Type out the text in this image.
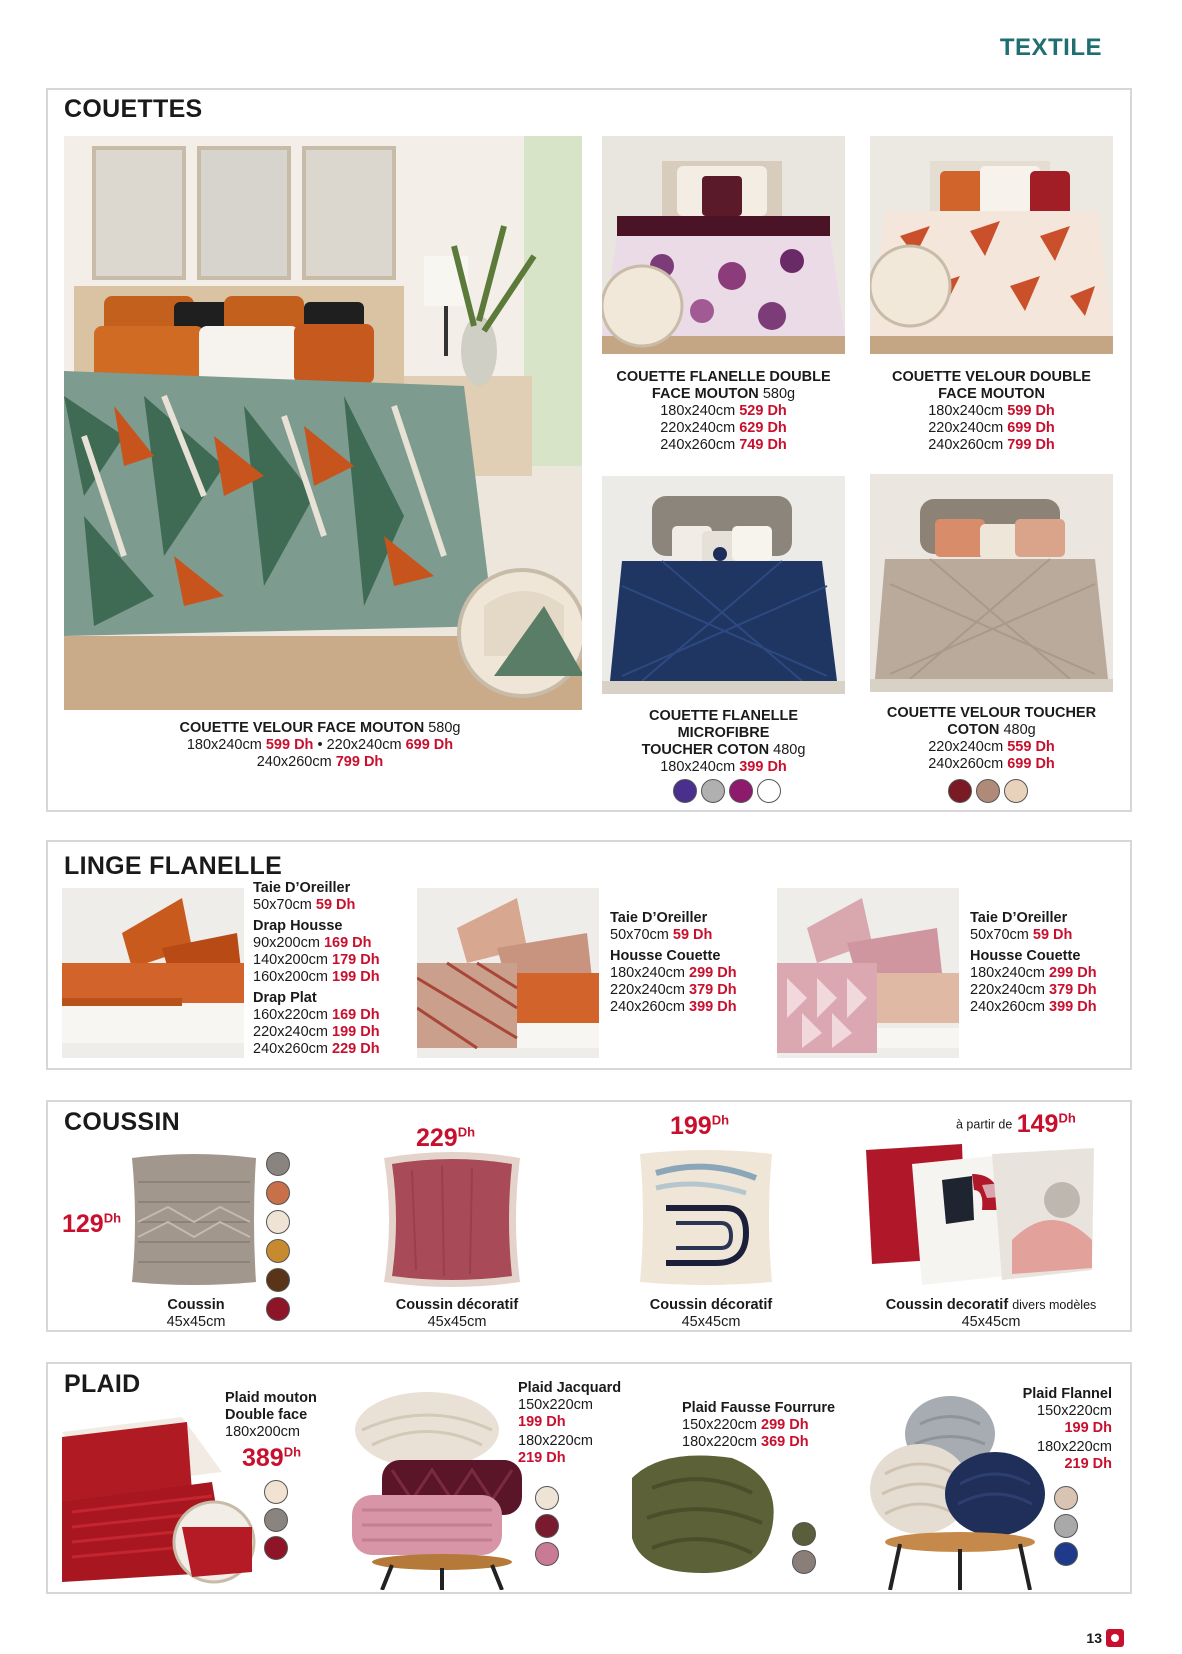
TEXTILE
COUETTES
COUETTE VELOUR FACE MOUTON 580g
180x240cm 599 Dh • 220x240cm 699 Dh
240x260cm 799 Dh
COUETTE FLANELLE DOUBLE
FACE MOUTON 580g
180x240cm 529 Dh
220x240cm 629 Dh
240x260cm 749 Dh
COUETTE VELOUR DOUBLE
FACE MOUTON
180x240cm 599 Dh
220x240cm 699 Dh
240x260cm 799 Dh
COUETTE FLANELLE
MICROFIBRE
TOUCHER COTON 480g
180x240cm 399 Dh
COUETTE VELOUR TOUCHER
COTON 480g
220x240cm 559 Dh
240x260cm 699 Dh
LINGE FLANELLE
Taie D’Oreiller
50x70cm 59 Dh
Drap Housse
90x200cm 169 Dh
140x200cm 179 Dh
160x200cm 199 Dh
Drap Plat
160x220cm 169 Dh
220x240cm 199 Dh
240x260cm 229 Dh
Taie D’Oreiller
50x70cm 59 Dh
Housse Couette
180x240cm 299 Dh
220x240cm 379 Dh
240x260cm 399 Dh
Taie D’Oreiller
50x70cm 59 Dh
Housse Couette
180x240cm 299 Dh
220x240cm 379 Dh
240x260cm 399 Dh
COUSSIN
$129^{Dh}$
Coussin
45x45cm
$229^{Dh}$
Coussin décoratif
45x45cm
$199^{Dh}$
Coussin décoratif
45x45cm
à partir de $149^{Dh}$
Coussin decoratif divers modèles
45x45cm
PLAID	Plaid mouton
Double face
180x200cm
$389^{Dh}$
Plaid Jacquard
150x220cm
199 Dh
180x220cm
219 Dh
Plaid Fausse Fourrure
150x220cm 299 Dh
180x220cm 369 Dh
Plaid Flannel
150x220cm
199 Dh
180x220cm
219 Dh
13
